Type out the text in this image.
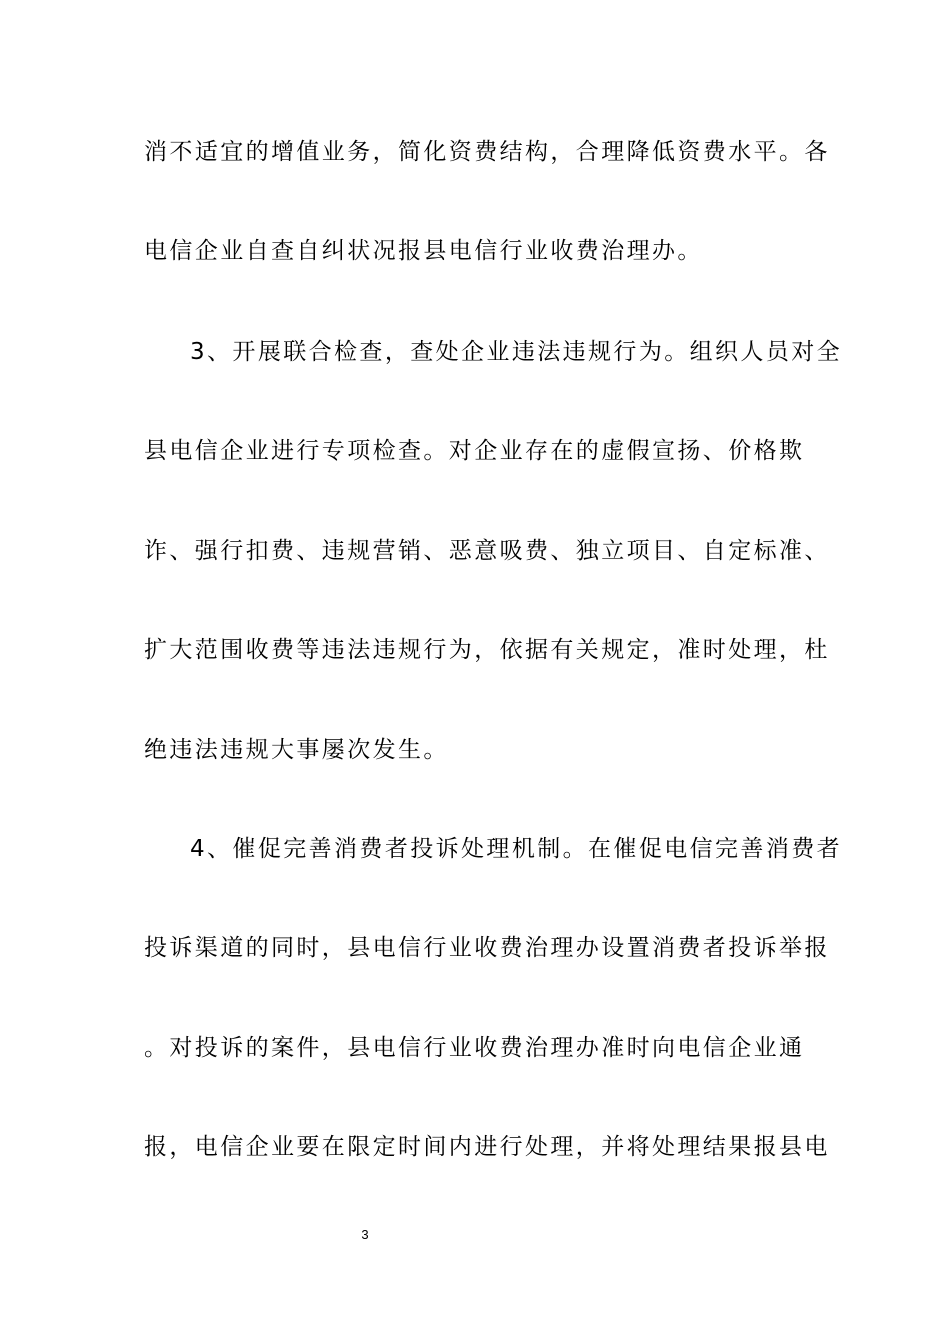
消不适宜的增值业务，简化资费结构，合理降低资费水平。各
电信企业自查自纠状况报县电信行业收费治理办。
3、开展联合检查，查处企业违法违规行为。组织人员对全
县电信企业进行专项检查。对企业存在的虚假宣扬、价格欺
诈、强行扣费、违规营销、恶意吸费、独立项目、自定标准、
扩大范围收费等违法违规行为，依据有关规定，准时处理，杜
绝违法违规大事屡次发生。
4、催促完善消费者投诉处理机制。在催促电信完善消费者
投诉渠道的同时，县电信行业收费治理办设置消费者投诉举报
。对投诉的案件，县电信行业收费治理办准时向电信企业通
报，电信企业要在限定时间内进行处理，并将处理结果报县电
3
